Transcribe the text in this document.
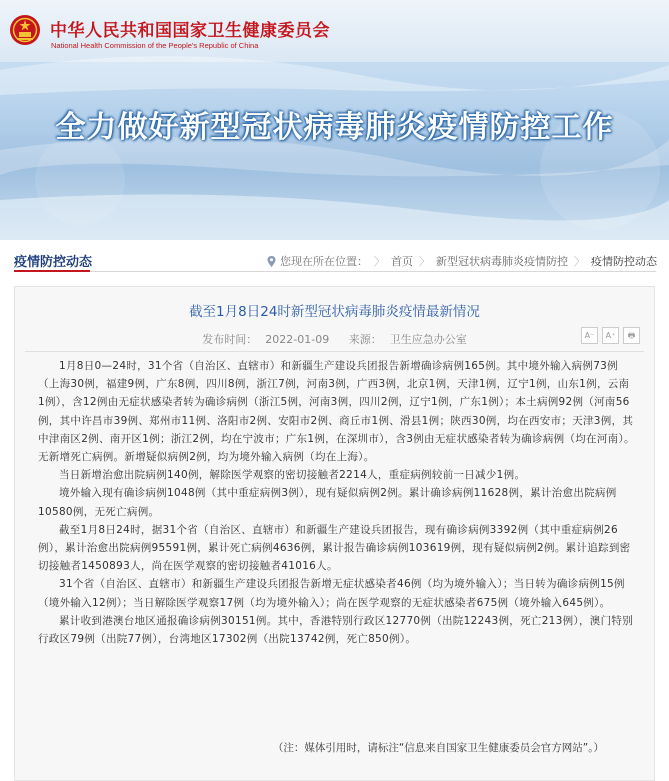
中华人民共和国国家卫生健康委员会
National Health Commission of the People's Republic of China
全力做好新型冠状病毒肺炎疫情防控工作
疫情防控动态	您现在所在位置： 〉 首页 〉 新型冠状病毒肺炎疫情防控 〉 疫情防控动态
截至1月8日24时新型冠状病毒肺炎疫情最新情况
发布时间： 2022-01-09 来源： 卫生应急办公室	A⁻	A⁺	🖶

1月8日0—24时，31个省（自治区、直辖市）和新疆生产建设兵团报告新增确诊病例165例。其中境外输入病例73例（上海30例，福建9例，广东8例，四川8例，浙江7例，河南3例，广西3例，北京1例，天津1例，辽宁1例，山东1例，云南1例），含12例由无症状感染者转为确诊病例（浙江5例，河南3例，四川2例，辽宁1例，广东1例）；本土病例92例（河南56例，其中许昌市39例、郑州市11例、洛阳市2例、安阳市2例、商丘市1例、滑县1例；陕西30例，均在西安市；天津3例，其中津南区2例、南开区1例；浙江2例，均在宁波市；广东1例，在深圳市），含3例由无症状感染者转为确诊病例（均在河南）。无新增死亡病例。新增疑似病例2例，均为境外输入病例（均在上海）。

当日新增治愈出院病例140例，解除医学观察的密切接触者2214人，重症病例较前一日减少1例。

境外输入现有确诊病例1048例（其中重症病例3例），现有疑似病例2例。累计确诊病例11628例，累计治愈出院病例10580例，无死亡病例。

截至1月8日24时，据31个省（自治区、直辖市）和新疆生产建设兵团报告，现有确诊病例3392例（其中重症病例26例），累计治愈出院病例95591例，累计死亡病例4636例，累计报告确诊病例103619例，现有疑似病例2例。累计追踪到密切接触者1450893人，尚在医学观察的密切接触者41016人。

31个省（自治区、直辖市）和新疆生产建设兵团报告新增无症状感染者46例（均为境外输入）；当日转为确诊病例15例（境外输入12例）；当日解除医学观察17例（均为境外输入）；尚在医学观察的无症状感染者675例（境外输入645例）。

累计收到港澳台地区通报确诊病例30151例。其中，香港特别行政区12770例（出院12243例，死亡213例），澳门特别行政区79例（出院77例），台湾地区17302例（出院13742例，死亡850例）。

（注：媒体引用时，请标注“信息来自国家卫生健康委员会官方网站”。）
